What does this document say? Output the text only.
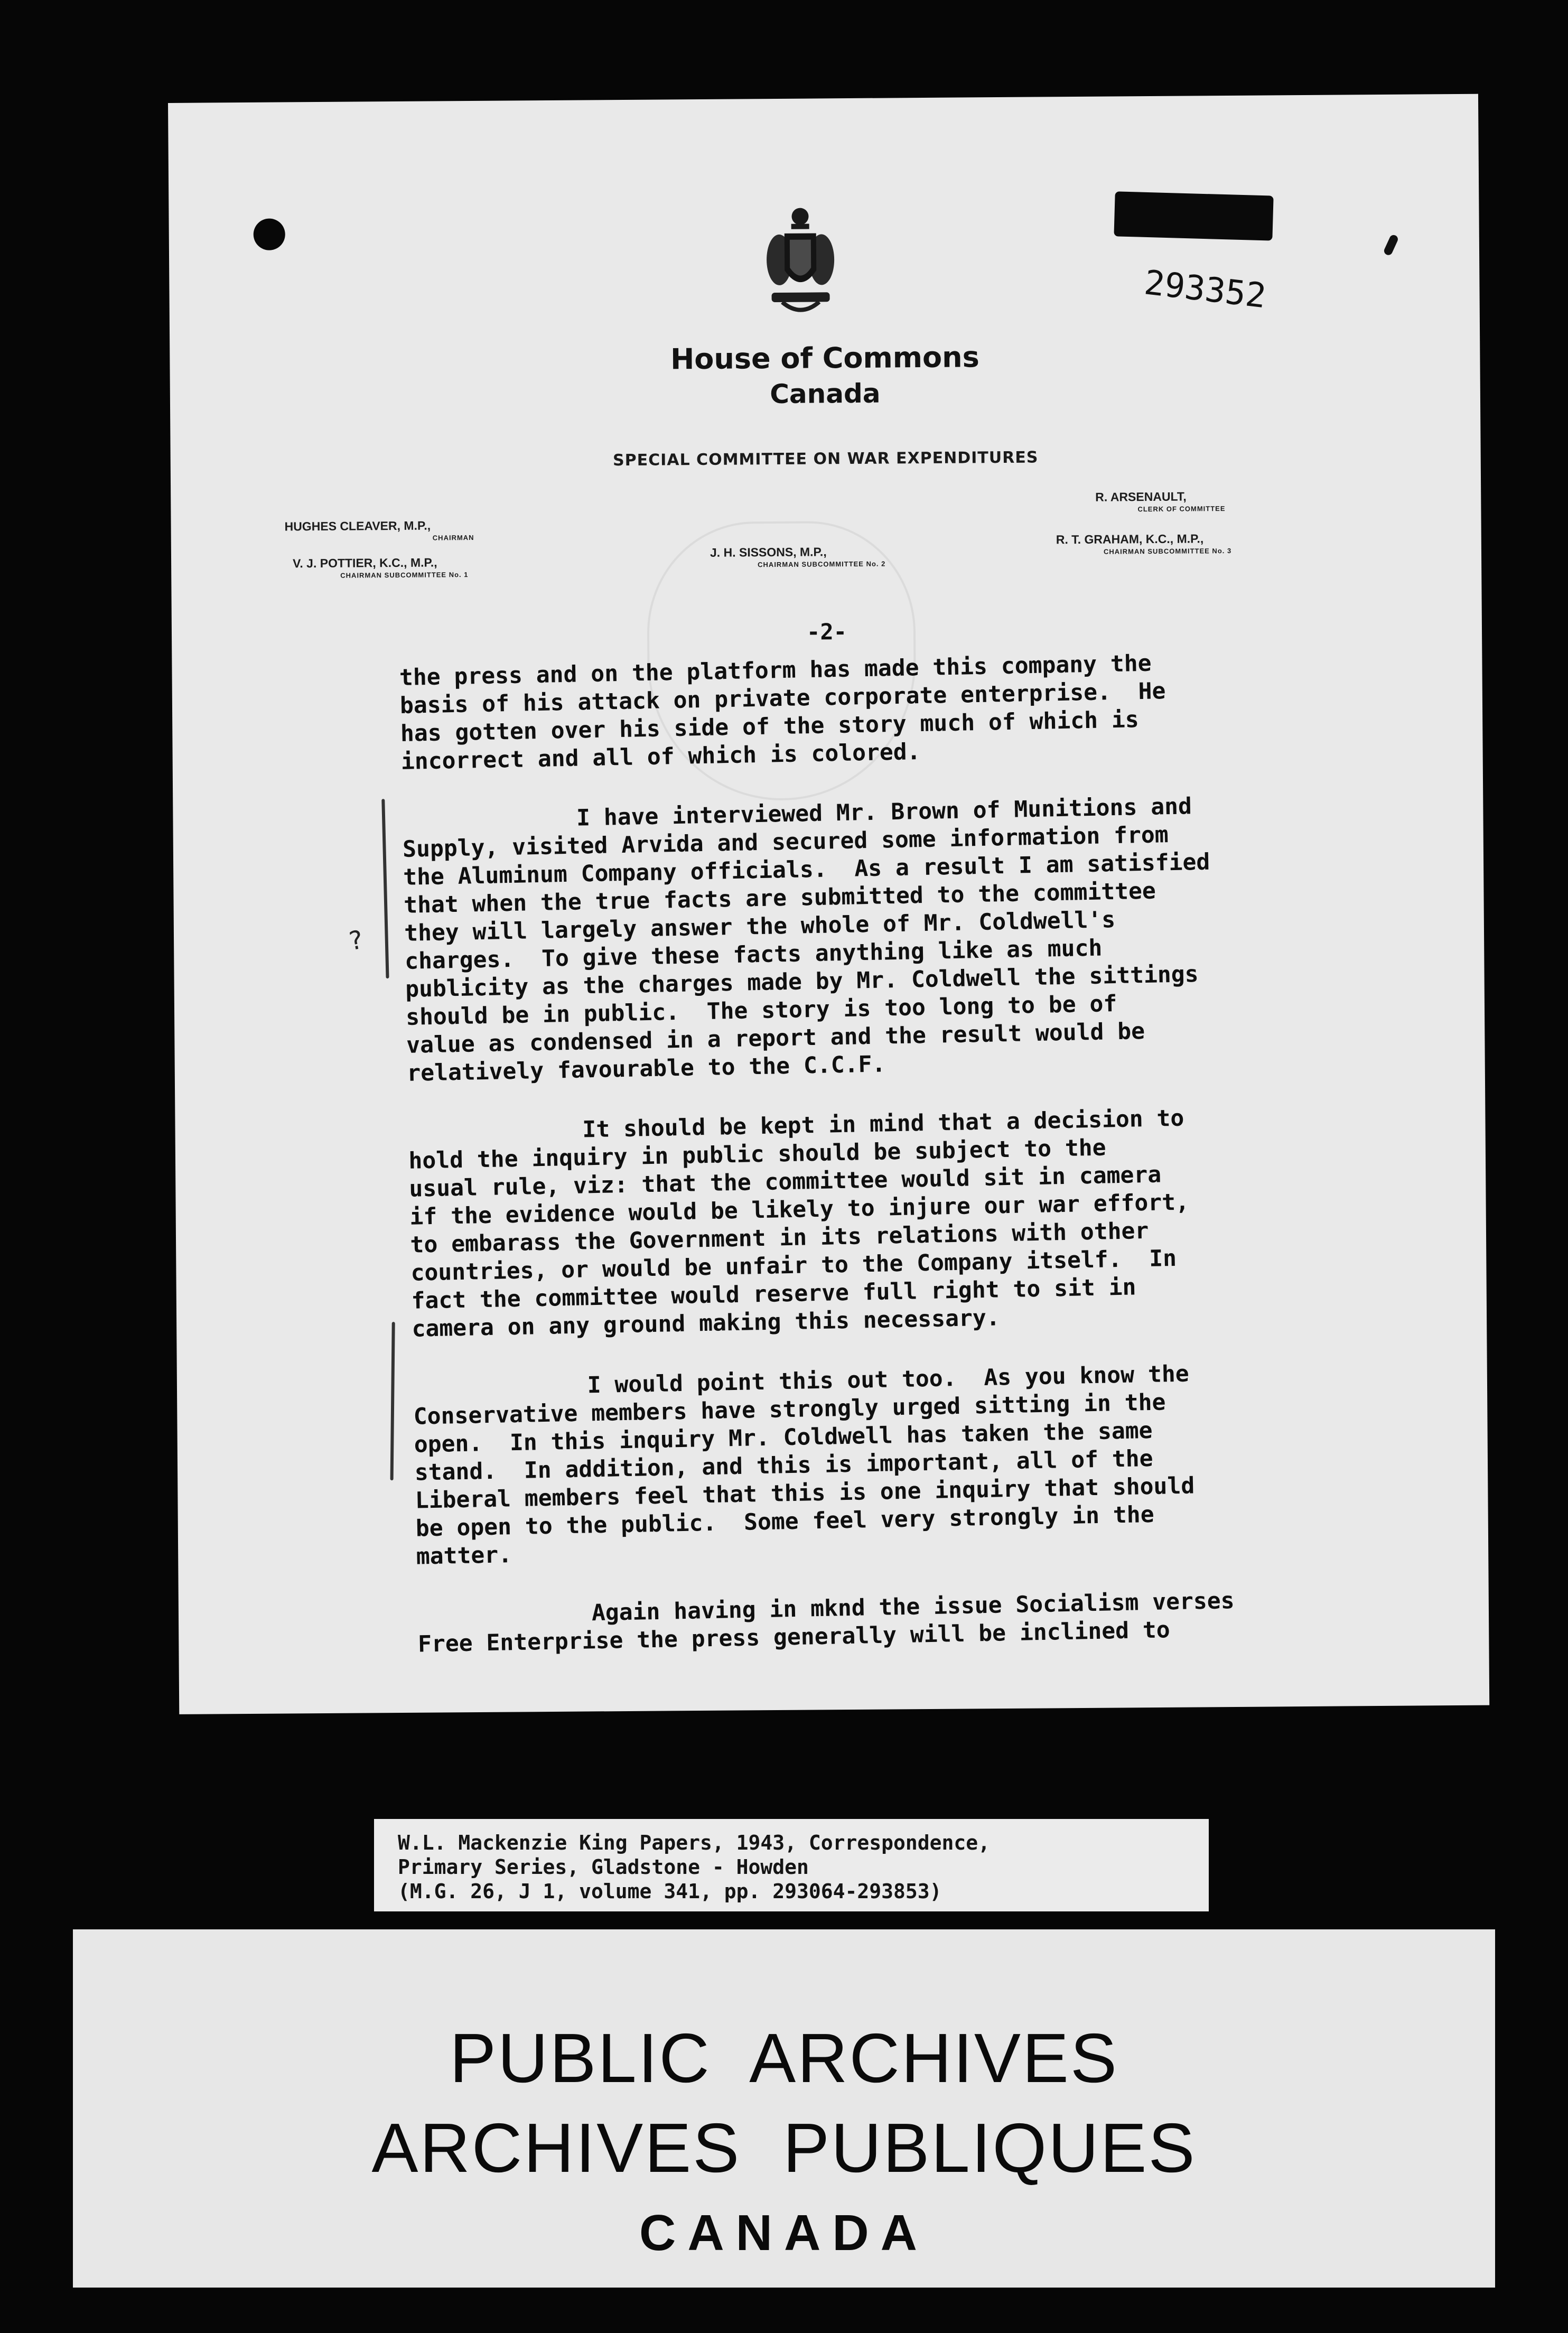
293352
House of Commons
Canada
SPECIAL COMMITTEE ON WAR EXPENDITURES
HUGHES CLEAVER, M.P.,
CHAIRMAN
V. J. POTTIER, K.C., M.P.,
CHAIRMAN SUBCOMMITTEE No. 1
J. H. SISSONS, M.P.,
CHAIRMAN SUBCOMMITTEE No. 2
R. ARSENAULT,
CLERK OF COMMITTEE
R. T. GRAHAM, K.C., M.P.,
CHAIRMAN SUBCOMMITTEE No. 3
-2-
?

the press and on the platform has made this company the
basis of his attack on private corporate enterprise.  He
has gotten over his side of the story much of which is
incorrect and all of which is colored.

I have interviewed Mr. Brown of Munitions and
Supply, visited Arvida and secured some information from
the Aluminum Company officials.  As a result I am satisfied
that when the true facts are submitted to the committee
they will largely answer the whole of Mr. Coldwell's
charges.  To give these facts anything like as much
publicity as the charges made by Mr. Coldwell the sittings
should be in public.  The story is too long to be of
value as condensed in a report and the result would be
relatively favourable to the C.C.F.

It should be kept in mind that a decision to
hold the inquiry in public should be subject to the
usual rule, viz: that the committee would sit in camera
if the evidence would be likely to injure our war effort,
to embarass the Government in its relations with other
countries, or would be unfair to the Company itself.  In
fact the committee would reserve full right to sit in
camera on any ground making this necessary.

I would point this out too.  As you know the
Conservative members have strongly urged sitting in the
open.  In this inquiry Mr. Coldwell has taken the same
stand.  In addition, and this is important, all of the
Liberal members feel that this is one inquiry that should
be open to the public.  Some feel very strongly in the
matter.

Again having in mknd the issue Socialism verses
Free Enterprise the press generally will be inclined to

W.L. Mackenzie King Papers, 1943, Correspondence,
Primary Series, Gladstone - Howden
(M.G. 26, J 1, volume 341, pp. 293064-293853)
PUBLIC ARCHIVES
ARCHIVES PUBLIQUES
CANADA
